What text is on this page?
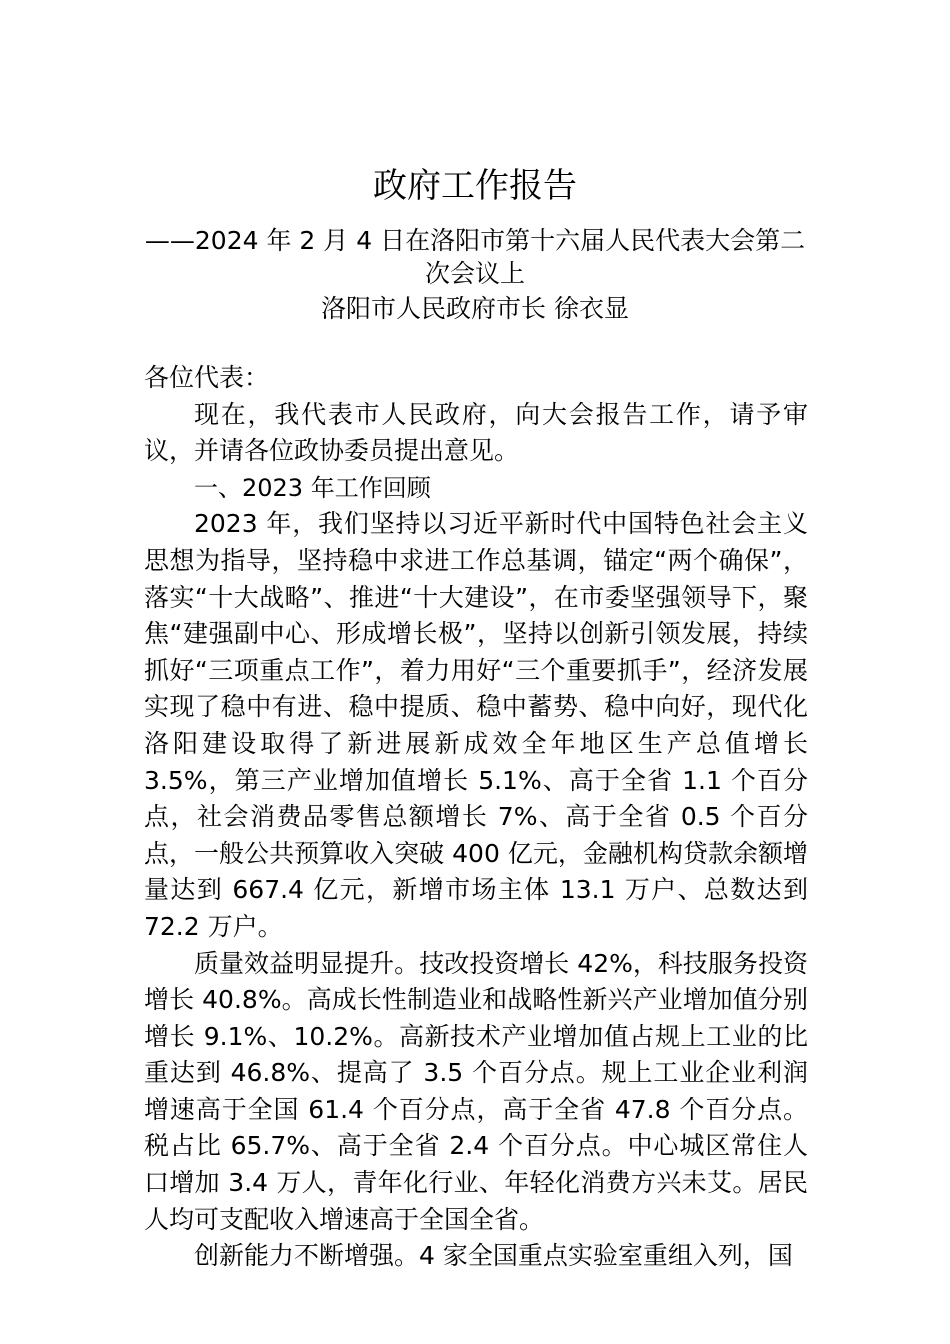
政府工作报告

——2024 年 2 月 4 日在洛阳市第十六届人民代表大会第二次会议上

洛阳市人民政府市长 徐衣显

各位代表：

现在，我代表市人民政府，向大会报告工作，请予审议，并请各位政协委员提出意见。

一、2023 年工作回顾

2023 年，我们坚持以习近平新时代中国特色社会主义思想为指导，坚持稳中求进工作总基调，锚定“两个确保”，落实“十大战略”、推进“十大建设”，在市委坚强领导下，聚焦“建强副中心、形成增长极”，坚持以创新引领发展，持续抓好“三项重点工作”，着力用好“三个重要抓手”，经济发展实现了稳中有进、稳中提质、稳中蓄势、稳中向好，现代化洛阳建设取得了新进展新成效全年地区生产总值增长 3.5%，第三产业增加值增长 5.1%、高于全省 1.1 个百分点，社会消费品零售总额增长 7%、高于全省 0.5 个百分点，一般公共预算收入突破 400 亿元，金融机构贷款余额增量达到 667.4 亿元，新增市场主体 13.1 万户、总数达到 72.2 万户。

质量效益明显提升。技改投资增长 42%，科技服务投资增长 40.8%。高成长性制造业和战略性新兴产业增加值分别增长 9.1%、10.2%。高新技术产业增加值占规上工业的比重达到 46.8%、提高了 3.5 个百分点。规上工业企业利润增速高于全国 61.4 个百分点，高于全省 47.8 个百分点。税占比 65.7%、高于全省 2.4 个百分点。中心城区常住人口增加 3.4 万人，青年化行业、年轻化消费方兴未艾。居民人均可支配收入增速高于全国全省。

创新能力不断增强。4 家全国重点实验室重组入列，国
